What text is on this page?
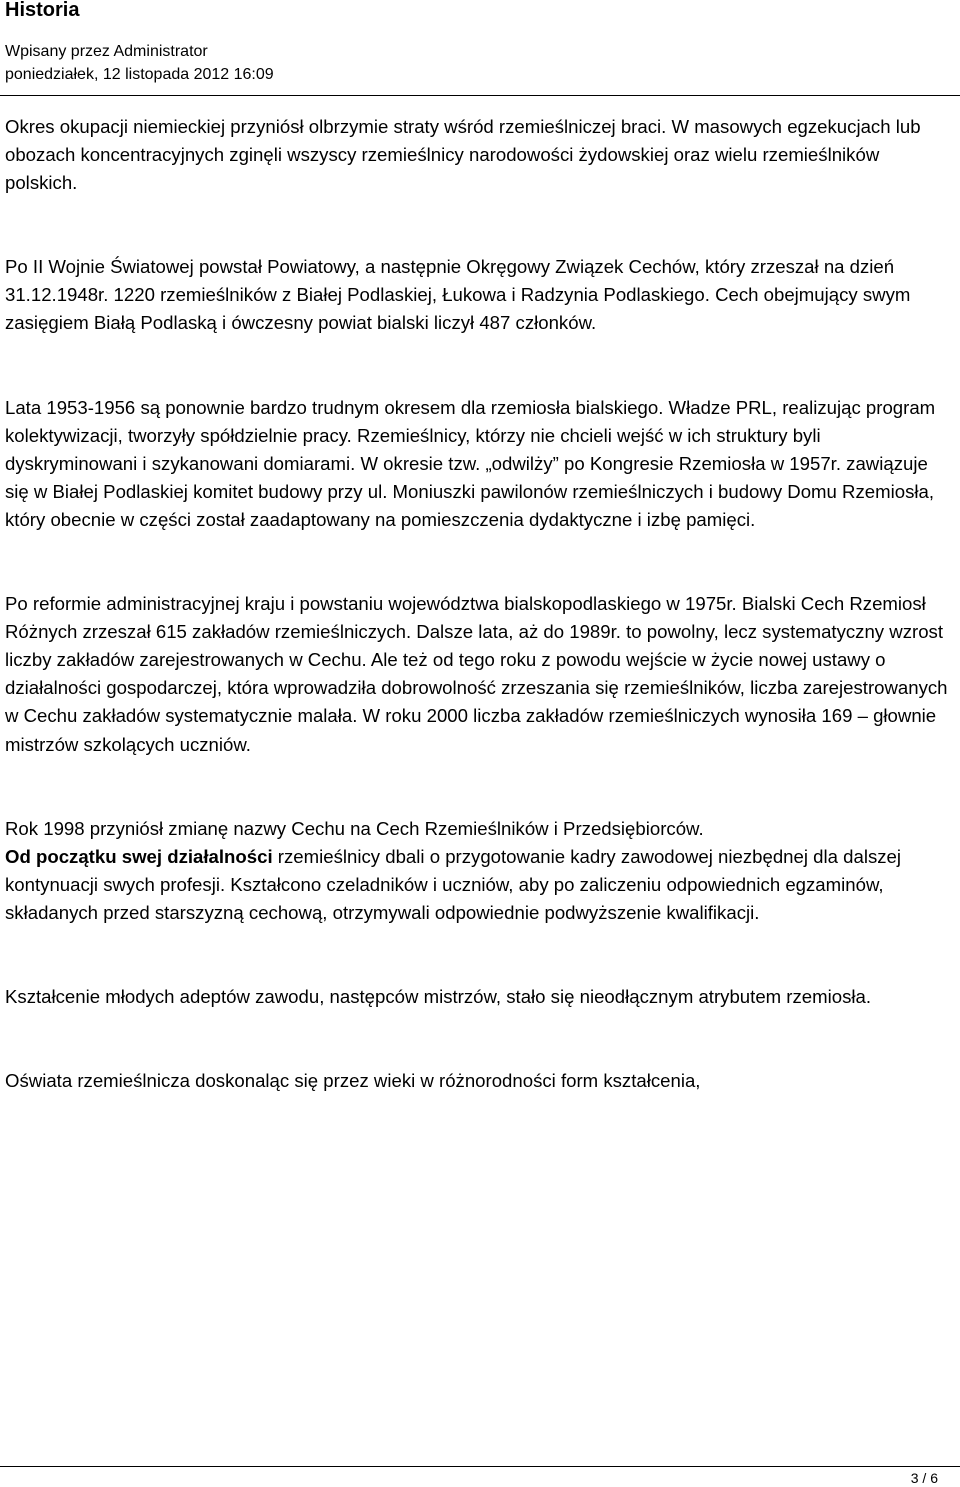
Historia
Wpisany przez Administrator
poniedziałek, 12 listopada 2012 16:09

Okres okupacji niemieckiej przyniósł olbrzymie straty wśród rzemieślniczej braci. W masowych egzekucjach lub obozach koncentracyjnych zginęli wszyscy rzemieślnicy narodowości żydowskiej oraz wielu rzemieślników polskich.

Po II Wojnie Światowej powstał Powiatowy, a następnie Okręgowy Związek Cechów, który zrzeszał na dzień 31.12.1948r. 1220 rzemieślników z Białej Podlaskiej, Łukowa i Radzynia Podlaskiego. Cech obejmujący swym zasięgiem Białą Podlaską i ówczesny powiat bialski liczył 487 członków.

Lata 1953-1956 są ponownie bardzo trudnym okresem dla rzemiosła bialskiego. Władze PRL, realizując program kolektywizacji, tworzyły spółdzielnie pracy. Rzemieślnicy, którzy nie chcieli wejść w ich struktury byli dyskryminowani i szykanowani domiarami. W okresie tzw. „odwilży” po Kongresie Rzemiosła w 1957r. zawiązuje się w Białej Podlaskiej komitet budowy przy ul. Moniuszki pawilonów rzemieślniczych i budowy Domu Rzemiosła, który obecnie w części został zaadaptowany na pomieszczenia dydaktyczne i izbę pamięci.

Po reformie administracyjnej kraju i powstaniu województwa bialskopodlaskiego w 1975r. Bialski Cech Rzemiosł Różnych zrzeszał 615 zakładów rzemieślniczych. Dalsze lata, aż do 1989r. to powolny, lecz systematyczny wzrost liczby zakładów zarejestrowanych w Cechu. Ale też od tego roku z powodu wejście w życie nowej ustawy o działalności gospodarczej, która wprowadziła dobrowolność zrzeszania się rzemieślników, liczba zarejestrowanych w Cechu zakładów systematycznie malała. W roku 2000 liczba zakładów rzemieślniczych wynosiła 169 – głownie mistrzów szkolących uczniów.

Rok 1998 przyniósł zmianę nazwy Cechu na Cech Rzemieślników i Przedsiębiorców.

Od początku swej działalności rzemieślnicy dbali o przygotowanie kadry zawodowej niezbędnej dla dalszej kontynuacji swych profesji. Kształcono czeladników i uczniów, aby po zaliczeniu odpowiednich egzaminów, składanych przed starszyzną cechową, otrzymywali odpowiednie podwyższenie kwalifikacji.

Kształcenie młodych adeptów zawodu, następców mistrzów, stało się nieodłącznym atrybutem rzemiosła.

Oświata rzemieślnicza doskonaląc się przez wieki w różnorodności form kształcenia,

3 / 6
